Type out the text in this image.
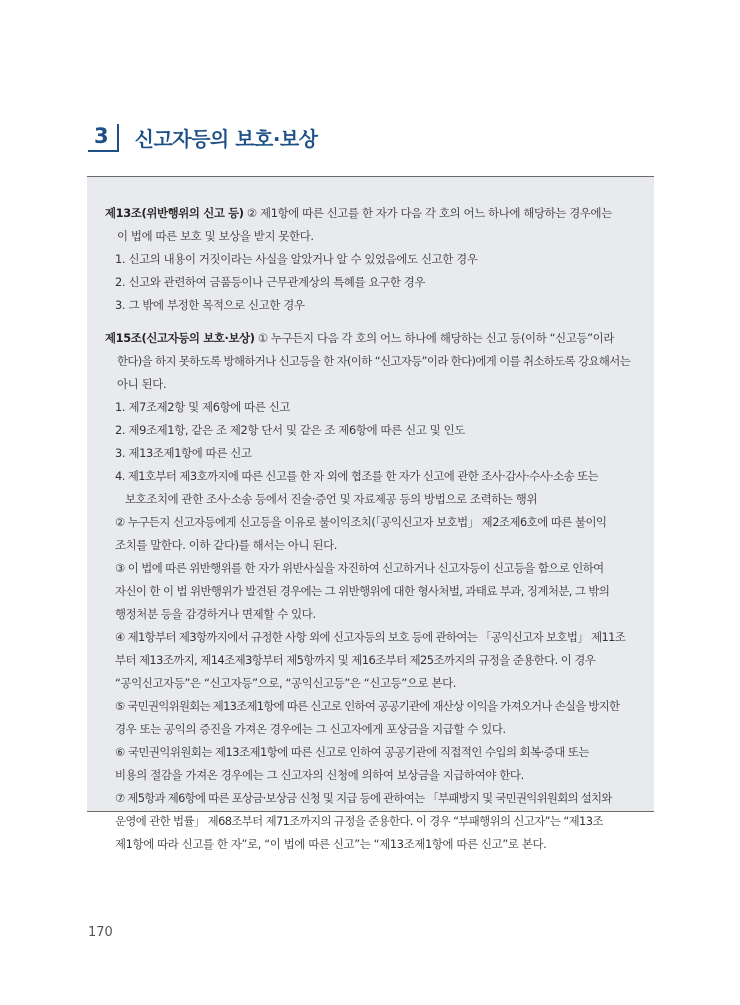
3	신고자등의 보호·보상
제13조(위반행위의 신고 등) ② 제1항에 따른 신고를 한 자가 다음 각 호의 어느 하나에 해당하는 경우에는
이 법에 따른 보호 및 보상을 받지 못한다.
1. 신고의 내용이 거짓이라는 사실을 알았거나 알 수 있었음에도 신고한 경우
2. 신고와 관련하여 금품등이나 근무관계상의 특혜를 요구한 경우
3. 그 밖에 부정한 목적으로 신고한 경우
제15조(신고자등의 보호·보상) ① 누구든지 다음 각 호의 어느 하나에 해당하는 신고 등(이하 “신고등”이라
한다)을 하지 못하도록 방해하거나 신고등을 한 자(이하 “신고자등”이라 한다)에게 이를 취소하도록 강요해서는
아니 된다.
1. 제7조제2항 및 제6항에 따른 신고
2. 제9조제1항, 같은 조 제2항 단서 및 같은 조 제6항에 따른 신고 및 인도
3. 제13조제1항에 따른 신고
4. 제1호부터 제3호까지에 따른 신고를 한 자 외에 협조를 한 자가 신고에 관한 조사·감사·수사·소송 또는
보호조치에 관한 조사·소송 등에서 진술·증언 및 자료제공 등의 방법으로 조력하는 행위
② 누구든지 신고자등에게 신고등을 이유로 불이익조치(「공익신고자 보호법」 제2조제6호에 따른 불이익
조치를 말한다. 이하 같다)를 해서는 아니 된다.
③ 이 법에 따른 위반행위를 한 자가 위반사실을 자진하여 신고하거나 신고자등이 신고등을 함으로 인하여
자신이 한 이 법 위반행위가 발견된 경우에는 그 위반행위에 대한 형사처벌, 과태료 부과, 징계처분, 그 밖의
행정처분 등을 감경하거나 면제할 수 있다.
④ 제1항부터 제3항까지에서 규정한 사항 외에 신고자등의 보호 등에 관하여는 「공익신고자 보호법」 제11조
부터 제13조까지, 제14조제3항부터 제5항까지 및 제16조부터 제25조까지의 규정을 준용한다. 이 경우
“공익신고자등”은 “신고자등”으로, “공익신고등”은 “신고등”으로 본다.
⑤ 국민권익위원회는 제13조제1항에 따른 신고로 인하여 공공기관에 재산상 이익을 가져오거나 손실을 방지한
경우 또는 공익의 증진을 가져온 경우에는 그 신고자에게 포상금을 지급할 수 있다.
⑥ 국민권익위원회는 제13조제1항에 따른 신고로 인하여 공공기관에 직접적인 수입의 회복·증대 또는
비용의 절감을 가져온 경우에는 그 신고자의 신청에 의하여 보상금을 지급하여야 한다.
⑦ 제5항과 제6항에 따른 포상금·보상금 신청 및 지급 등에 관하여는 「부패방지 및 국민권익위원회의 설치와
운영에 관한 법률」 제68조부터 제71조까지의 규정을 준용한다. 이 경우 “부패행위의 신고자”는 “제13조
제1항에 따라 신고를 한 자”로, “이 법에 따른 신고”는 “제13조제1항에 따른 신고”로 본다.
170
